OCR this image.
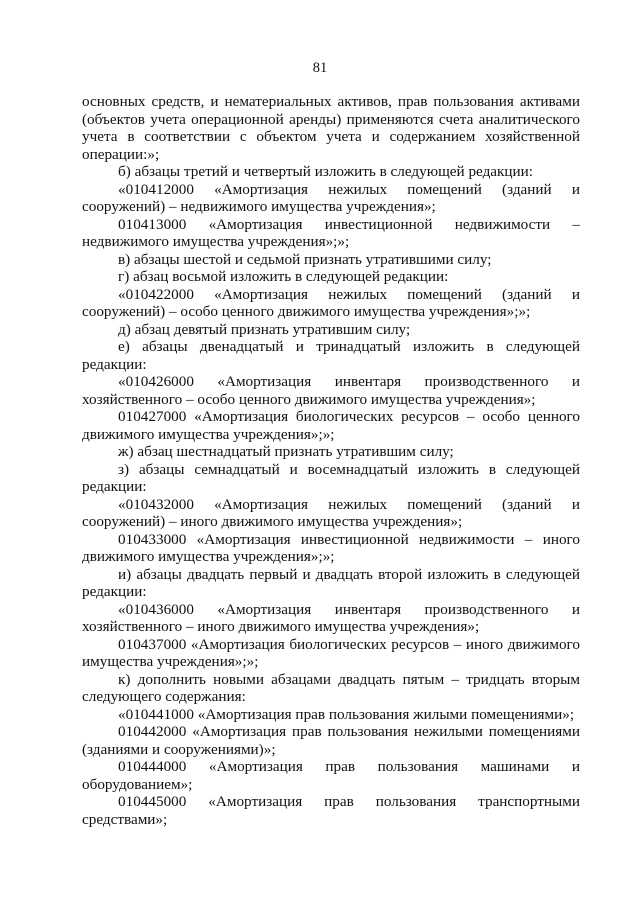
81
основных средств, и нематериальных активов, прав пользования активами
(объектов учета операционной аренды) применяются счета аналитического
учета в соответствии с объектом учета и содержанием хозяйственной
операции:»;
б) абзацы третий и четвертый изложить в следующей редакции:
«010412000 «Амортизация нежилых помещений (зданий и
сооружений) – недвижимого имущества учреждения»;
010413000 «Амортизация инвестиционной недвижимости –
недвижимого имущества учреждения»;»;
в) абзацы шестой и седьмой признать утратившими силу;
г) абзац восьмой изложить в следующей редакции:
«010422000 «Амортизация нежилых помещений (зданий и
сооружений) – особо ценного движимого имущества учреждения»;»;
д) абзац девятый признать утратившим силу;
е) абзацы двенадцатый и тринадцатый изложить в следующей
редакции:
«010426000 «Амортизация инвентаря производственного и
хозяйственного – особо ценного движимого имущества учреждения»;
010427000 «Амортизация биологических ресурсов – особо ценного
движимого имущества учреждения»;»;
ж) абзац шестнадцатый признать утратившим силу;
з) абзацы семнадцатый и восемнадцатый изложить в следующей
редакции:
«010432000 «Амортизация нежилых помещений (зданий и
сооружений) – иного движимого имущества учреждения»;
010433000 «Амортизация инвестиционной недвижимости – иного
движимого имущества учреждения»;»;
и) абзацы двадцать первый и двадцать второй изложить в следующей
редакции:
«010436000 «Амортизация инвентаря производственного и
хозяйственного – иного движимого имущества учреждения»;
010437000 «Амортизация биологических ресурсов – иного движимого
имущества учреждения»;»;
к) дополнить новыми абзацами двадцать пятым – тридцать вторым
следующего содержания:
«010441000 «Амортизация прав пользования жилыми помещениями»;
010442000 «Амортизация прав пользования нежилыми помещениями
(зданиями и сооружениями)»;
010444000 «Амортизация прав пользования машинами и
оборудованием»;
010445000 «Амортизация прав пользования транспортными
средствами»;
